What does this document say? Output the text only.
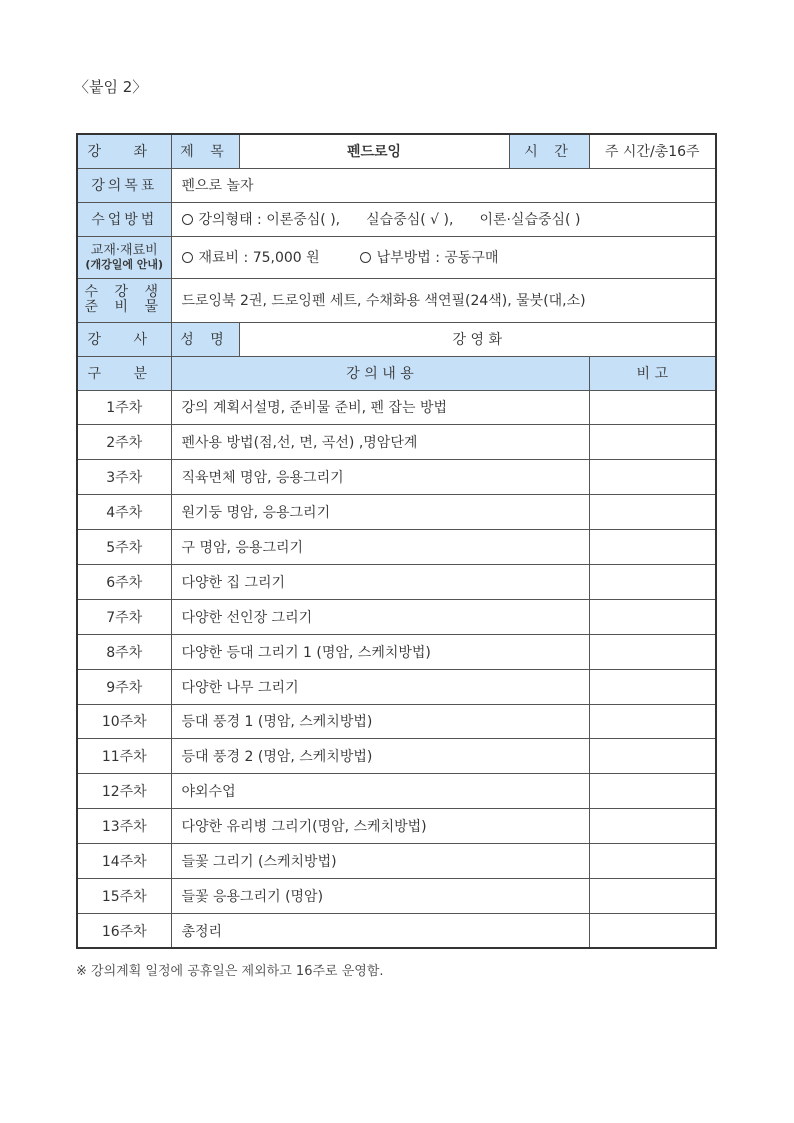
〈붙임 2〉
강 좌	제 목	펜드로잉	시 간	주 시간/총16주
강의목표	펜으로 놀자			
수업방법	강의형태 : 이론중심( ), 실습중심( √ ), 이론·실습중심( )			

교재·재료비
(개강일에 안내)	재료비 : 75,000 원 납부방법 : 공동구매			

수 강 생
준 비 물	드로잉북 2권, 드로잉펜 세트, 수채화용 색연필(24색), 물붓(대,소)			
강 사	성 명	강 영 화		
구 분	강 의 내 용			비 고
1주차	강의 계획서설명, 준비물 준비, 펜 잡는 방법			
2주차	펜사용 방법(점,선, 면, 곡선) ,명암단계			
3주차	직육면체 명암, 응용그리기			
4주차	원기둥 명암, 응용그리기			
5주차	구 명암, 응용그리기			
6주차	다양한 집 그리기			
7주차	다양한 선인장 그리기			
8주차	다양한 등대 그리기 1 (명암, 스케치방법)			
9주차	다양한 나무 그리기			
10주차	등대 풍경 1 (명암, 스케치방법)			
11주차	등대 풍경 2 (명암, 스케치방법)			
12주차	야외수업			
13주차	다양한 유리병 그리기(명암, 스케치방법)			
14주차	들꽃 그리기 (스케치방법)			
15주차	들꽃 응용그리기 (명암)			
16주차	총정리			
※ 강의계획 일정에 공휴일은 제외하고 16주로 운영함.
